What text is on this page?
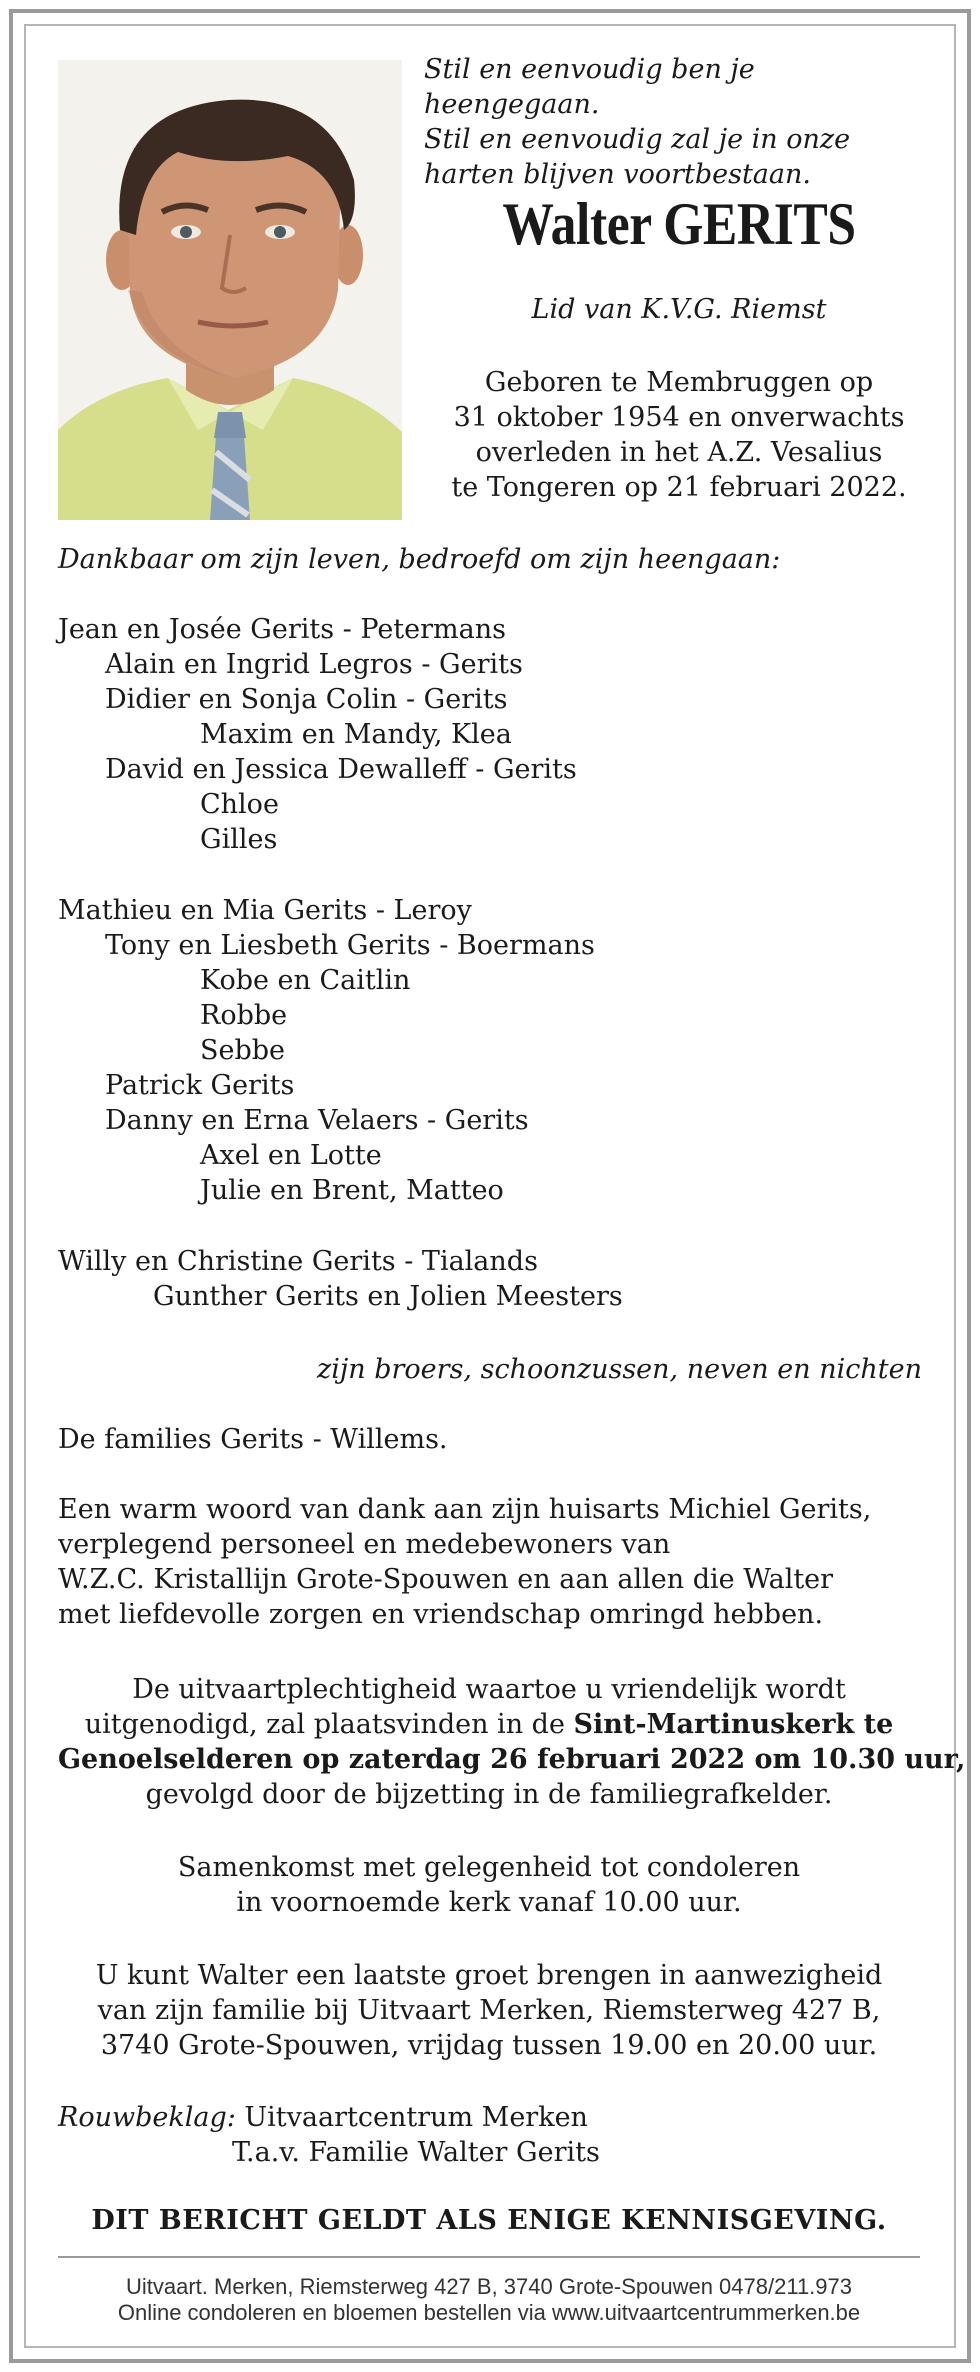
Stil en eenvoudig ben je heengegaan.
Stil en eenvoudig zal je in onze
harten blijven voortbestaan.
Walter GERITS
Lid van K.V.G. Riemst
Geboren te Membruggen op
31 oktober 1954 en onverwachts
overleden in het A.Z. Vesalius
te Tongeren op 21 februari 2022.
Dankbaar om zijn leven, bedroefd om zijn heengaan:
Jean en Josée Gerits - Petermans
Alain en Ingrid Legros - Gerits
Didier en Sonja Colin - Gerits
Maxim en Mandy, Klea
David en Jessica Dewalleff - Gerits
Chloe
Gilles
Mathieu en Mia Gerits - Leroy
Tony en Liesbeth Gerits - Boermans
Kobe en Caitlin
Robbe
Sebbe
Patrick Gerits
Danny en Erna Velaers - Gerits
Axel en Lotte
Julie en Brent, Matteo
Willy en Christine Gerits - Tialands
Gunther Gerits en Jolien Meesters
zijn broers, schoonzussen, neven en nichten
De families Gerits - Willems.
Een warm woord van dank aan zijn huisarts Michiel Gerits,
verplegend personeel en medebewoners van
W.Z.C. Kristallijn Grote-Spouwen en aan allen die Walter
met liefdevolle zorgen en vriendschap omringd hebben.
De uitvaartplechtigheid waartoe u vriendelijk wordt
uitgenodigd, zal plaatsvinden in de Sint-Martinuskerk te
Genoelselderen op zaterdag 26 februari 2022 om 10.30 uur,
gevolgd door de bijzetting in de familiegrafkelder.
Samenkomst met gelegenheid tot condoleren
in voornoemde kerk vanaf 10.00 uur.
U kunt Walter een laatste groet brengen in aanwezigheid
van zijn familie bij Uitvaart Merken, Riemsterweg 427 B,
3740 Grote-Spouwen, vrijdag tussen 19.00 en 20.00 uur.
Rouwbeklag: Uitvaartcentrum Merken
T.a.v. Familie Walter Gerits
DIT BERICHT GELDT ALS ENIGE KENNISGEVING.
Uitvaart. Merken, Riemsterweg 427 B, 3740 Grote-Spouwen 0478/211.973
Online condoleren en bloemen bestellen via www.uitvaartcentrummerken.be
